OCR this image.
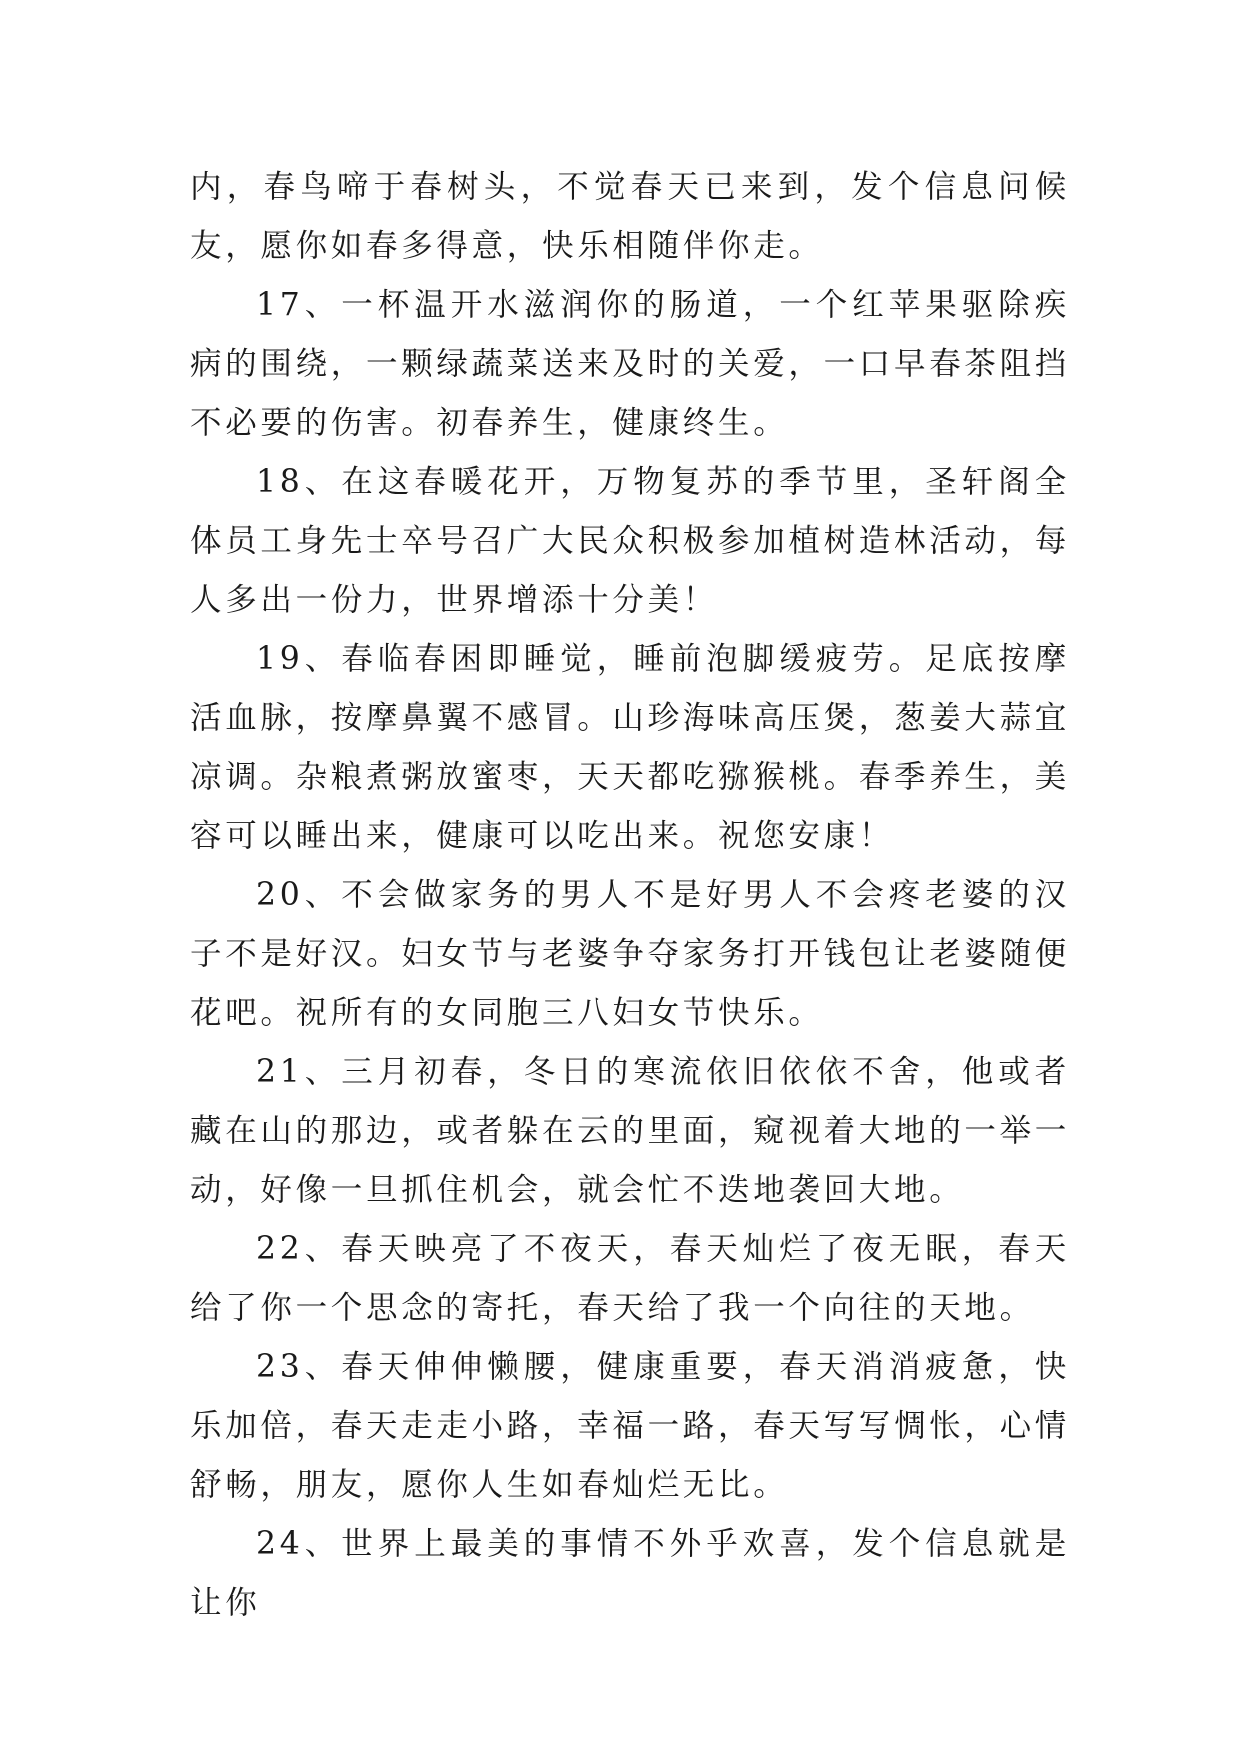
内，春鸟啼于春树头，不觉春天已来到，发个信息问候友，愿你如春多得意，快乐相随伴你走。

17、一杯温开水滋润你的肠道，一个红苹果驱除疾病的围绕，一颗绿蔬菜送来及时的关爱，一口早春茶阻挡不必要的伤害。初春养生，健康终生。

18、在这春暖花开，万物复苏的季节里，圣轩阁全体员工身先士卒号召广大民众积极参加植树造林活动，每人多出一份力，世界增添十分美！

19、春临春困即睡觉，睡前泡脚缓疲劳。足底按摩活血脉，按摩鼻翼不感冒。山珍海味高压煲，葱姜大蒜宜凉调。杂粮煮粥放蜜枣，天天都吃猕猴桃。春季养生，美容可以睡出来，健康可以吃出来。祝您安康！

20、不会做家务的男人不是好男人不会疼老婆的汉子不是好汉。妇女节与老婆争夺家务打开钱包让老婆随便花吧。祝所有的女同胞三八妇女节快乐。

21、三月初春，冬日的寒流依旧依依不舍，他或者藏在山的那边，或者躲在云的里面，窥视着大地的一举一动，好像一旦抓住机会，就会忙不迭地袭回大地。

22、春天映亮了不夜天，春天灿烂了夜无眠，春天给了你一个思念的寄托，春天给了我一个向往的天地。

23、春天伸伸懒腰，健康重要，春天消消疲惫，快乐加倍，春天走走小路，幸福一路，春天写写惆怅，心情舒畅，朋友，愿你人生如春灿烂无比。

24、世界上最美的事情不外乎欢喜，发个信息就是让你
